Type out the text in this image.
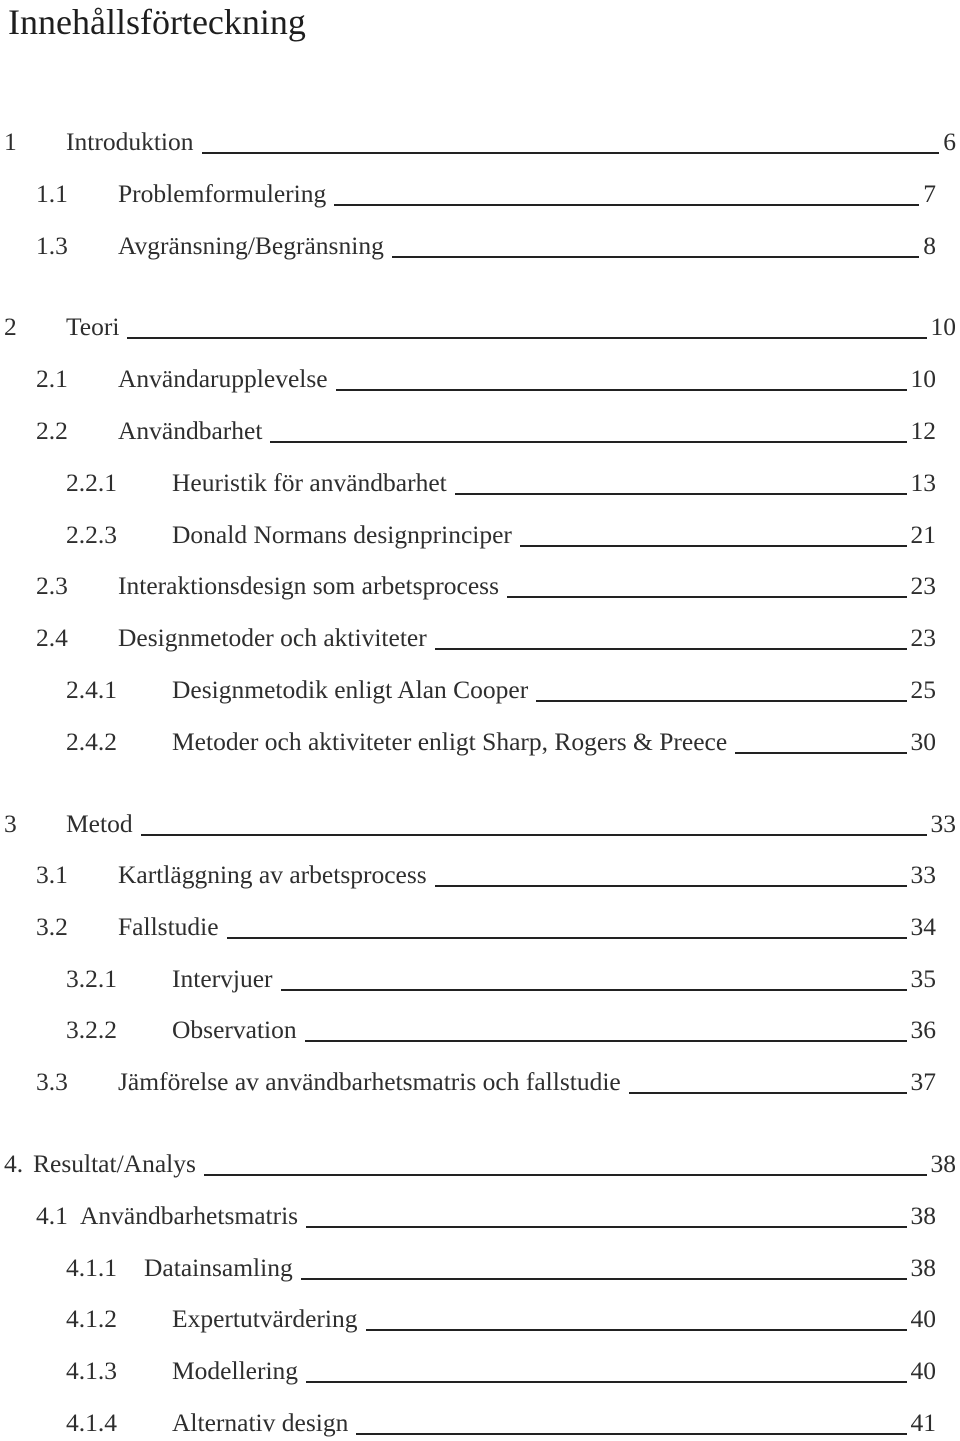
Innehållsförteckning
1 Introduktion	6
1.1 Problemformulering	7
1.3 Avgränsning/Begränsning	8
2 Teori	10
2.1 Användarupplevelse	10
2.2 Användbarhet	12
2.2.1 Heuristik för användbarhet	13
2.2.3 Donald Normans designprinciper	21
2.3 Interaktionsdesign som arbetsprocess	23
2.4 Designmetoder och aktiviteter	23
2.4.1 Designmetodik enligt Alan Cooper	25
2.4.2 Metoder och aktiviteter enligt Sharp, Rogers & Preece	30
3 Metod	33
3.1 Kartläggning av arbetsprocess	33
3.2 Fallstudie	34
3.2.1 Intervjuer	35
3.2.2 Observation	36
3.3 Jämförelse av användbarhetsmatris och fallstudie	37
4. Resultat/Analys	38
4.1 Användbarhetsmatris	38
4.1.1 Datainsamling	38
4.1.2 Expertutvärdering	40
4.1.3 Modellering	40
4.1.4 Alternativ design	41
